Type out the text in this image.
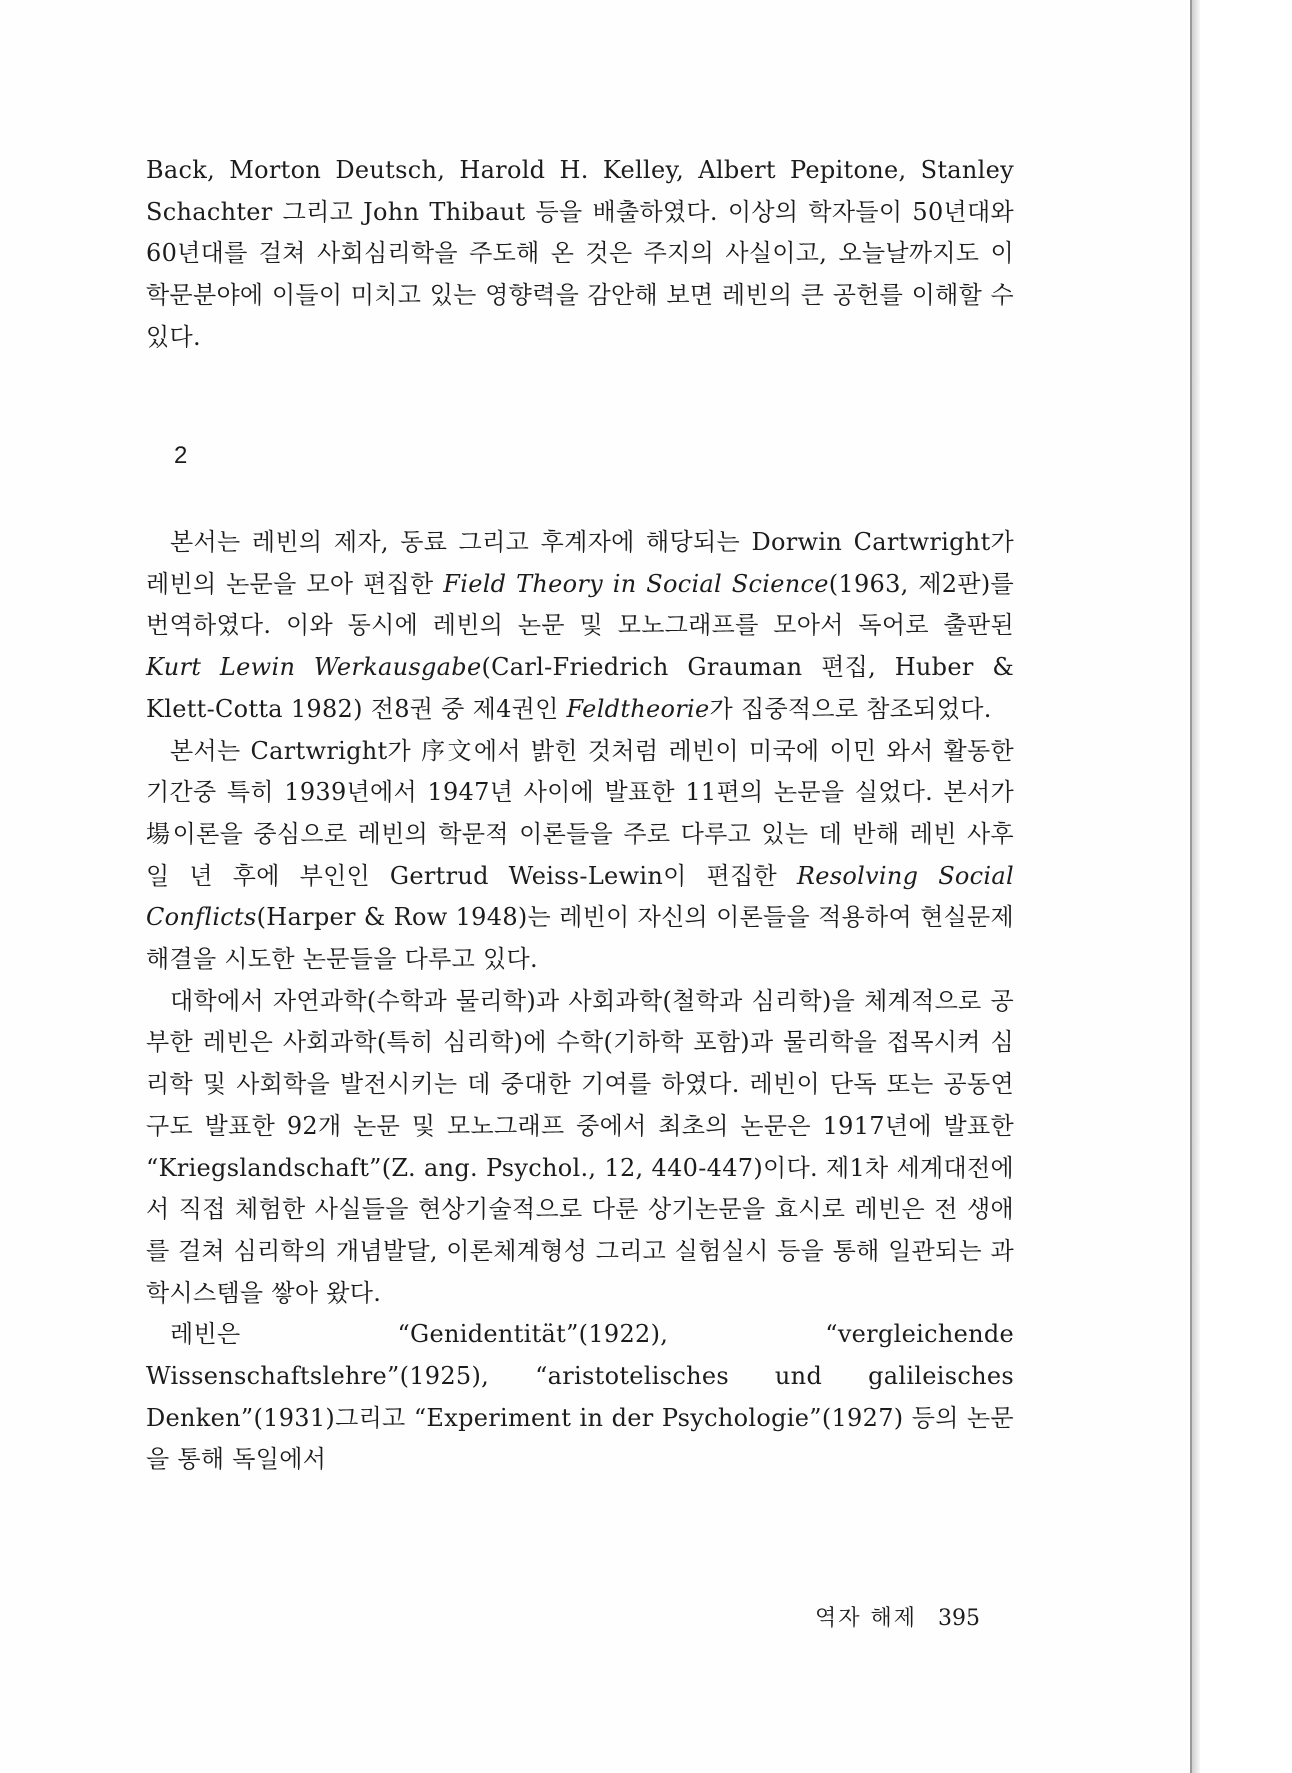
Back, Morton Deutsch, Harold H. Kelley, Albert Pepitone, Stanley Schachter 그리고 John Thibaut 등을 배출하였다. 이상의 학자들이 50년대와 60년대를 걸쳐 사회심리학을 주도해 온 것은 주지의 사실이고, 오늘날까지도 이 학문분야에 이들이 미치고 있는 영향력을 감안해 보면 레빈의 큰 공헌를 이해할 수 있다.

2

본서는 레빈의 제자, 동료 그리고 후계자에 해당되는 Dorwin Cartwright가 레빈의 논문을 모아 편집한 Field Theory in Social Science(1963, 제2판)를 번역하였다. 이와 동시에 레빈의 논문 및 모노그래프를 모아서 독어로 출판된 Kurt Lewin Werkausgabe(Carl-Friedrich Grauman 편집, Huber & Klett-Cotta 1982) 전8권 중 제4권인 Feldtheorie가 집중적으로 참조되었다.

본서는 Cartwright가 序文에서 밝힌 것처럼 레빈이 미국에 이민 와서 활동한 기간중 특히 1939년에서 1947년 사이에 발표한 11편의 논문을 실었다. 본서가 場이론을 중심으로 레빈의 학문적 이론들을 주로 다루고 있는 데 반해 레빈 사후 일 년 후에 부인인 Gertrud Weiss-Lewin이 편집한 Resolving Social Conflicts(Harper & Row 1948)는 레빈이 자신의 이론들을 적용하여 현실문제 해결을 시도한 논문들을 다루고 있다.

대학에서 자연과학(수학과 물리학)과 사회과학(철학과 심리학)을 체계적으로 공부한 레빈은 사회과학(특히 심리학)에 수학(기하학 포함)과 물리학을 접목시켜 심리학 및 사회학을 발전시키는 데 중대한 기여를 하였다. 레빈이 단독 또는 공동연구도 발표한 92개 논문 및 모노그래프 중에서 최초의 논문은 1917년에 발표한 “Kriegslandschaft”(Z. ang. Psychol., 12, 440-447)이다. 제1차 세계대전에서 직접 체험한 사실들을 현상기술적으로 다룬 상기논문을 효시로 레빈은 전 생애를 걸쳐 심리학의 개념발달, 이론체계형성 그리고 실험실시 등을 통해 일관되는 과학시스템을 쌓아 왔다.

레빈은 “Genidentität”(1922), “vergleichende Wissenschaftslehre”(1925), “aristotelisches und galileisches Denken”(1931)그리고 “Experiment in der Psychologie”(1927) 등의 논문을 통해 독일에서

역자 해제 395
